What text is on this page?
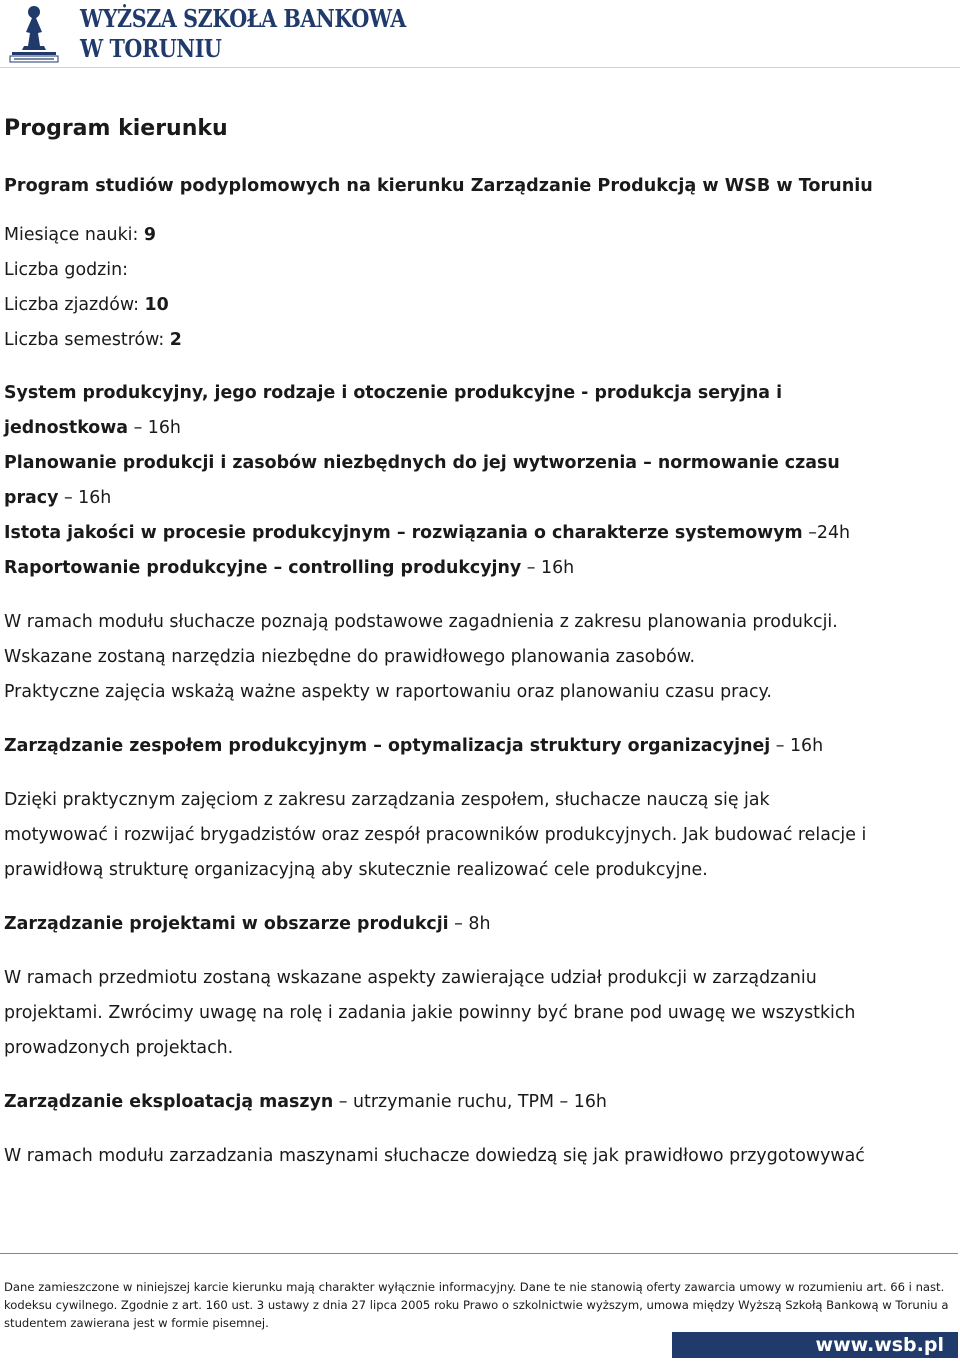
WYŻSZA SZKOŁA BANKOWA
W TORUNIU
Program kierunku
Program studiów podyplomowych na kierunku Zarządzanie Produkcją w WSB w Toruniu
Miesiące nauki: 9
Liczba godzin:
Liczba zjazdów: 10
Liczba semestrów: 2
System produkcyjny, jego rodzaje i otoczenie produkcyjne - produkcja seryjna i
jednostkowa – 16h
Planowanie produkcji i zasobów niezbędnych do jej wytworzenia – normowanie czasu
pracy – 16h
Istota jakości w procesie produkcyjnym – rozwiązania o charakterze systemowym –24h
Raportowanie produkcyjne – controlling produkcyjny – 16h
W ramach modułu słuchacze poznają podstawowe zagadnienia z zakresu planowania produkcji.
Wskazane zostaną narzędzia niezbędne do prawidłowego planowania zasobów.
Praktyczne zajęcia wskażą ważne aspekty w raportowaniu oraz planowaniu czasu pracy.
Zarządzanie zespołem produkcyjnym – optymalizacja struktury organizacyjnej – 16h
Dzięki praktycznym zajęciom z zakresu zarządzania zespołem, słuchacze nauczą się jak
motywować i rozwijać brygadzistów oraz zespół pracowników produkcyjnych. Jak budować relacje i
prawidłową strukturę organizacyjną aby skutecznie realizować cele produkcyjne.
Zarządzanie projektami w obszarze produkcji – 8h
W ramach przedmiotu zostaną wskazane aspekty zawierające udział produkcji w zarządzaniu
projektami. Zwrócimy uwagę na rolę i zadania jakie powinny być brane pod uwagę we wszystkich
prowadzonych projektach.
Zarządzanie eksploatacją maszyn – utrzymanie ruchu, TPM – 16h
W ramach modułu zarzadzania maszynami słuchacze dowiedzą się jak prawidłowo przygotowywać
Dane zamieszczone w niniejszej karcie kierunku mają charakter wyłącznie informacyjny. Dane te nie stanowią oferty zawarcia umowy w rozumieniu art. 66 i nast.
kodeksu cywilnego. Zgodnie z art. 160 ust. 3 ustawy z dnia 27 lipca 2005 roku Prawo o szkolnictwie wyższym, umowa między Wyższą Szkołą Bankową w Toruniu a
studentem zawierana jest w formie pisemnej.
www.wsb.pl
